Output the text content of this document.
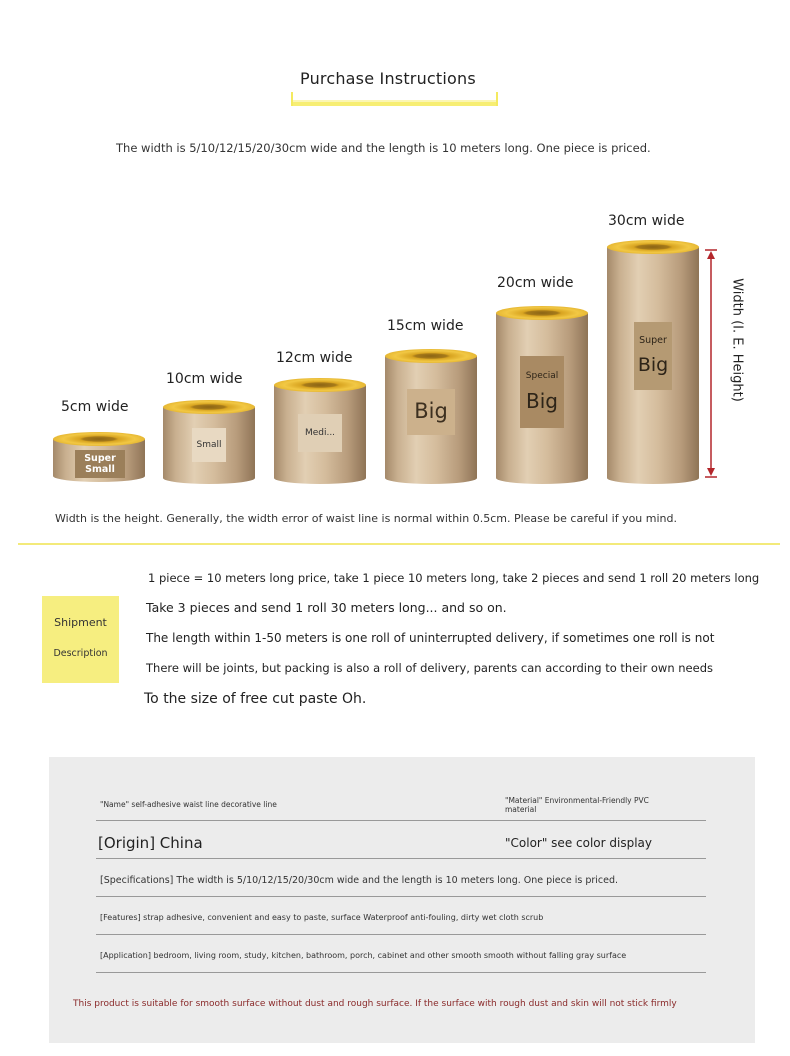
Purchase Instructions
The width is 5/10/12/15/20/30cm wide and the length is 10 meters long. One piece is priced.
5cm wide
Super
Small
10cm wide
Small
12cm wide
Medi...
15cm wide
Big
20cm wide
Special
Big
30cm wide
Super
Big	Width (I. E. Height)
Width is the height. Generally, the width error of waist line is normal within 0.5cm. Please be careful if you mind.
Shipment
Description
1 piece = 10 meters long price, take 1 piece 10 meters long, take 2 pieces and send 1 roll 20 meters long
Take 3 pieces and send 1 roll 30 meters long... and so on.
The length within 1-50 meters is one roll of uninterrupted delivery, if sometimes one roll is not
There will be joints, but packing is also a roll of delivery, parents can according to their own needs
To the size of free cut paste Oh.
"Name" self-adhesive waist line decorative line	"Material" Environmental-Friendly PVC
material
[Origin] China	"Color" see color display
[Specifications] The width is 5/10/12/15/20/30cm wide and the length is 10 meters long. One piece is priced.
[Features] strap adhesive, convenient and easy to paste, surface Waterproof anti-fouling, dirty wet cloth scrub
[Application] bedroom, living room, study, kitchen, bathroom, porch, cabinet and other smooth smooth without falling gray surface
This product is suitable for smooth surface without dust and rough surface. If the surface with rough dust and skin will not stick firmly
